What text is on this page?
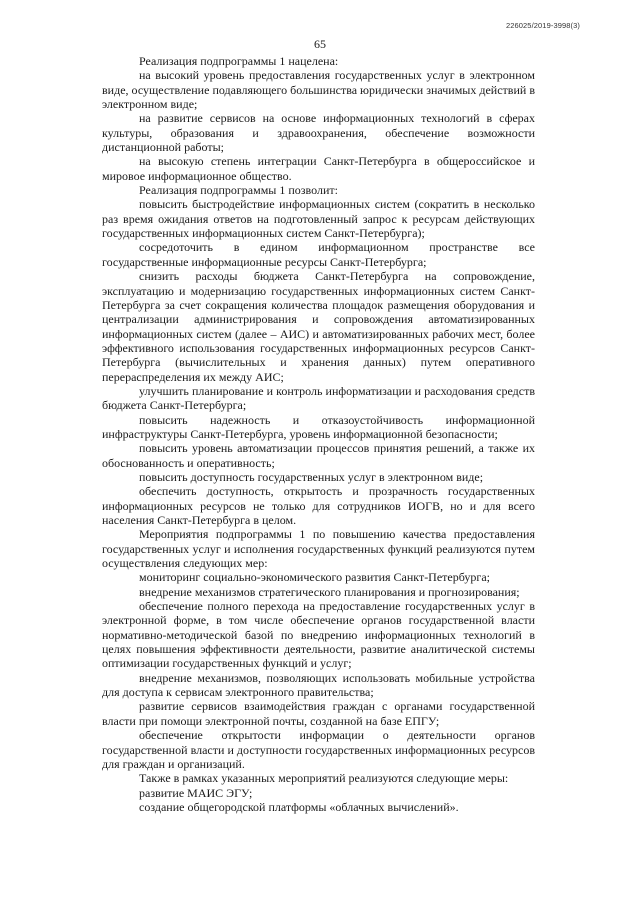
226025/2019-3998(3)
65

Реализация подпрограммы 1 нацелена:

на высокий уровень предоставления государственных услуг в электронном виде, осуществление подавляющего большинства юридически значимых действий в электронном виде;

на развитие сервисов на основе информационных технологий в сферах культуры, образования и здравоохранения, обеспечение возможности дистанционной работы;

на высокую степень интеграции Санкт-Петербурга в общероссийское и мировое информационное общество.

Реализация подпрограммы 1 позволит:

повысить быстродействие информационных систем (сократить в несколько раз время ожидания ответов на подготовленный запрос к ресурсам действующих государственных информационных систем Санкт-Петербурга);

сосредоточить в едином информационном пространстве все государственные информационные ресурсы Санкт-Петербурга;

снизить расходы бюджета Санкт-Петербурга на сопровождение, эксплуатацию и модернизацию государственных информационных систем Санкт-Петербурга за счет сокращения количества площадок размещения оборудования и централизации администрирования и сопровождения автоматизированных информационных систем (далее – АИС) и автоматизированных рабочих мест, более эффективного использования государственных информационных ресурсов Санкт-Петербурга (вычислительных и хранения данных) путем оперативного перераспределения их между АИС;

улучшить планирование и контроль информатизации и расходования средств бюджета Санкт-Петербурга;

повысить надежность и отказоустойчивость информационной инфраструктуры Санкт-Петербурга, уровень информационной безопасности;

повысить уровень автоматизации процессов принятия решений, а также их обоснованность и оперативность;

повысить доступность государственных услуг в электронном виде;

обеспечить доступность, открытость и прозрачность государственных информационных ресурсов не только для сотрудников ИОГВ, но и для всего населения Санкт-Петербурга в целом.

Мероприятия подпрограммы 1 по повышению качества предоставления государственных услуг и исполнения государственных функций реализуются путем осуществления следующих мер:

мониторинг социально-экономического развития Санкт-Петербурга;

внедрение механизмов стратегического планирования и прогнозирования;

обеспечение полного перехода на предоставление государственных услуг в электронной форме, в том числе обеспечение органов государственной власти нормативно-методической базой по внедрению информационных технологий в целях повышения эффективности деятельности, развитие аналитической системы оптимизации государственных функций и услуг;

внедрение механизмов, позволяющих использовать мобильные устройства для доступа к сервисам электронного правительства;

развитие сервисов взаимодействия граждан с органами государственной власти при помощи электронной почты, созданной на базе ЕПГУ;

обеспечение открытости информации о деятельности органов государственной власти и доступности государственных информационных ресурсов для граждан и организаций.

Также в рамках указанных мероприятий реализуются следующие меры:

развитие МАИС ЭГУ;

создание общегородской платформы «облачных вычислений».
